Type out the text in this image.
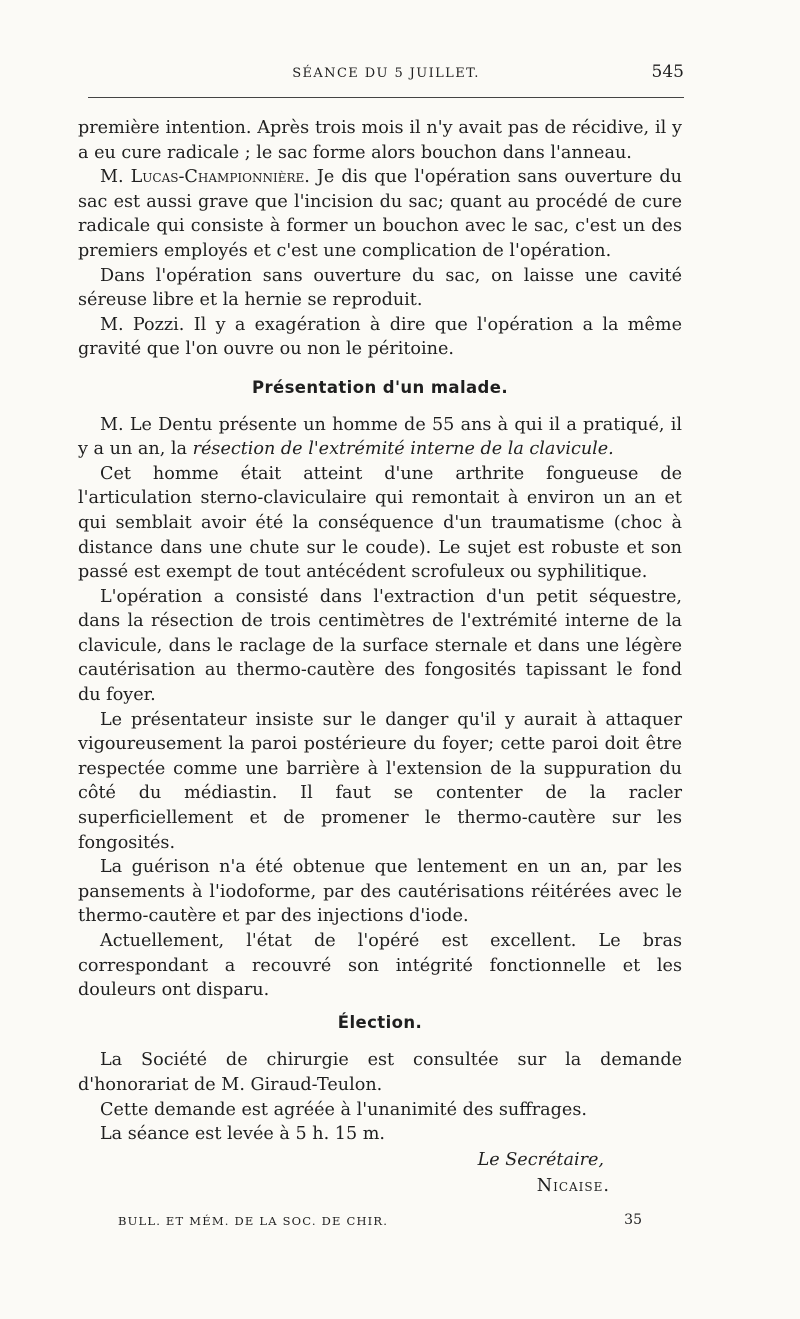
SÉANCE DU 5 JUILLET.	545

première intention. Après trois mois il n'y avait pas de récidive, il y a eu cure radicale ; le sac forme alors bouchon dans l'anneau.

M. Lucas-Championnière. Je dis que l'opération sans ouverture du sac est aussi grave que l'incision du sac; quant au procédé de cure radicale qui consiste à former un bouchon avec le sac, c'est un des premiers employés et c'est une complication de l'opération.

Dans l'opération sans ouverture du sac, on laisse une cavité séreuse libre et la hernie se reproduit.

M. Pozzi. Il y a exagération à dire que l'opération a la même gravité que l'on ouvre ou non le péritoine.

Présentation d'un malade.

M. Le Dentu présente un homme de 55 ans à qui il a pratiqué, il y a un an, la résection de l'extrémité interne de la clavicule.

Cet homme était atteint d'une arthrite fongueuse de l'articulation sterno-claviculaire qui remontait à environ un an et qui semblait avoir été la conséquence d'un traumatisme (choc à distance dans une chute sur le coude). Le sujet est robuste et son passé est exempt de tout antécédent scrofuleux ou syphilitique.

L'opération a consisté dans l'extraction d'un petit séquestre, dans la résection de trois centimètres de l'extrémité interne de la clavicule, dans le raclage de la surface sternale et dans une légère cautérisation au thermo-cautère des fongosités tapissant le fond du foyer.

Le présentateur insiste sur le danger qu'il y aurait à attaquer vigoureusement la paroi postérieure du foyer; cette paroi doit être respectée comme une barrière à l'extension de la suppuration du côté du médiastin. Il faut se contenter de la racler superficiellement et de promener le thermo-cautère sur les fongosités.

La guérison n'a été obtenue que lentement en un an, par les pansements à l'iodoforme, par des cautérisations réitérées avec le thermo-cautère et par des injections d'iode.

Actuellement, l'état de l'opéré est excellent. Le bras correspondant a recouvré son intégrité fonctionnelle et les douleurs ont disparu.

Élection.

La Société de chirurgie est consultée sur la demande d'honorariat de M. Giraud-Teulon.

Cette demande est agréée à l'unanimité des suffrages.

La séance est levée à 5 h. 15 m.

Le Secrétaire,
Nicaise.
BULL. ET MÉM. DE LA SOC. DE CHIR.	35
